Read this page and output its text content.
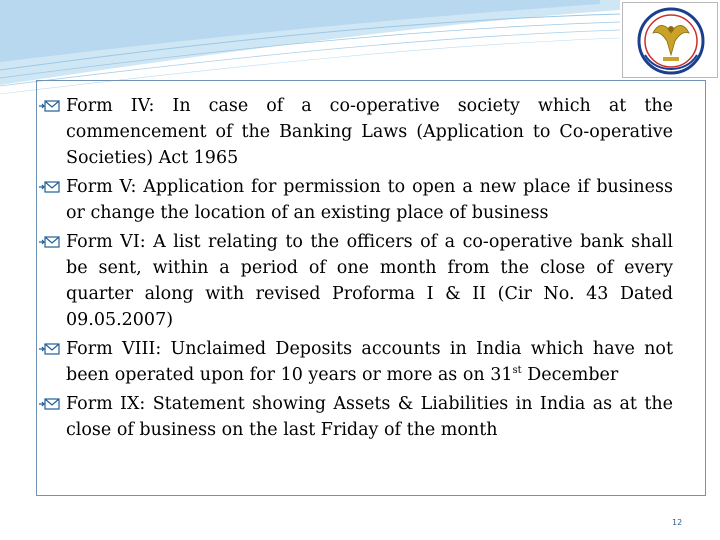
Form IV: In case of a co-operative society which at the commencement of the Banking Laws (Application to Co-operative Societies) Act 1965
Form V: Application for permission to open a new place if business or change the location of an existing place of business
Form VI: A list relating to the officers of a co-operative bank shall be sent, within a period of one month from the close of every quarter along with revised Proforma I & II (Cir No. 43 Dated 09.05.2007)
Form VIII: Unclaimed Deposits accounts in India which have not been operated upon for 10 years or more as on 31st December
Form IX: Statement showing Assets & Liabilities in India as at the close of business on the last Friday of the month
12
